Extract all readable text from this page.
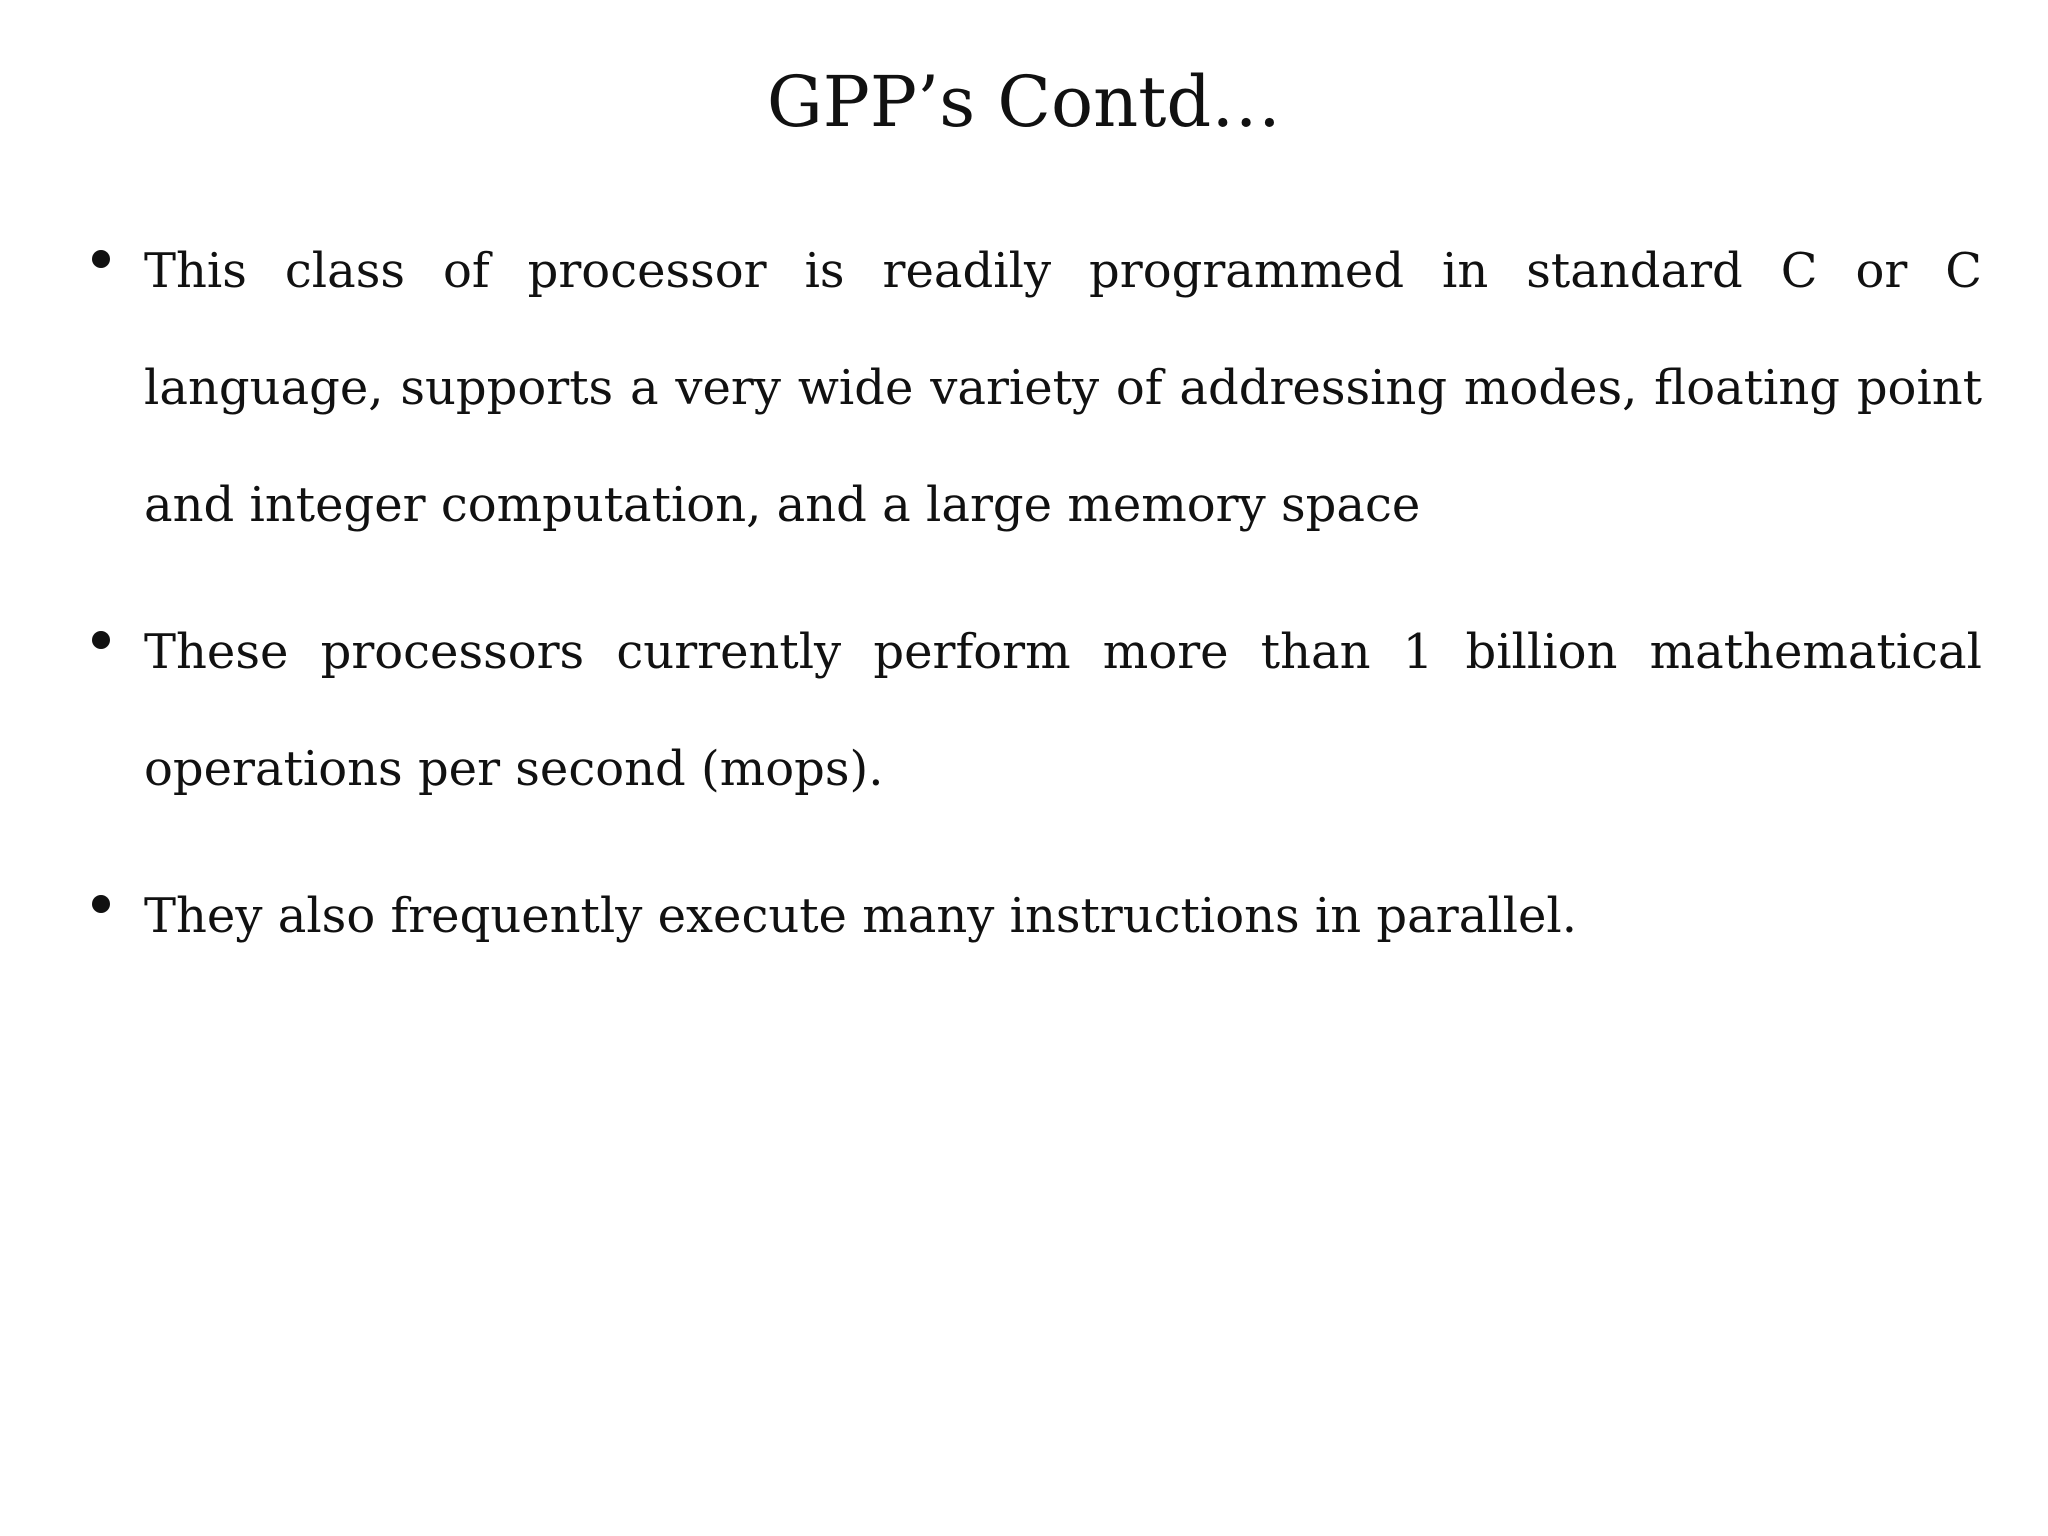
GPP’s Contd…
This class of processor is readily programmed in standard C or C language, supports a very wide variety of addressing modes, floating point and integer computation, and a large memory space
These processors currently perform more than 1 billion mathematical operations per second (mops).
They also frequently execute many instructions in parallel.
